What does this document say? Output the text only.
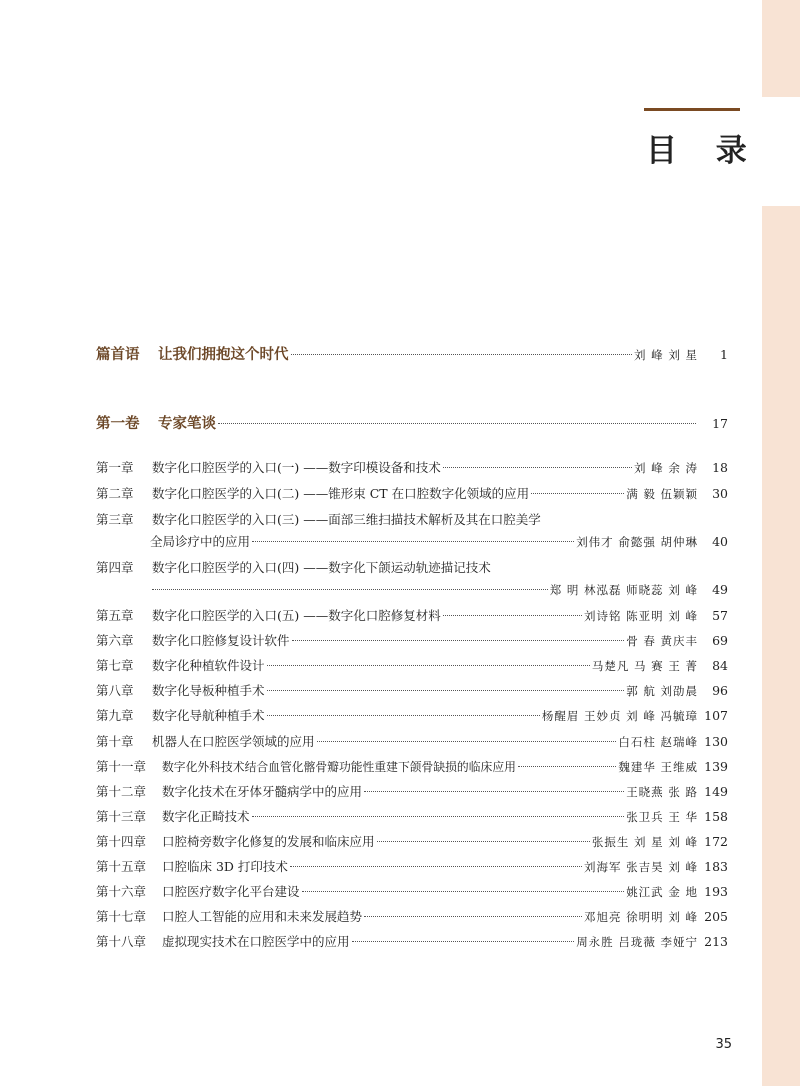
目 录
篇首语	让我们拥抱这个时代	刘 峰 刘 星	1
第一卷	专家笔谈	17
第一章	数字化口腔医学的入口(一) ——数字印模设备和技术	刘 峰 余 涛	18
第二章	数字化口腔医学的入口(二) ——锥形束 CT 在口腔数字化领域的应用	满 毅 伍颖颖	30
第三章	数字化口腔医学的入口(三) ——面部三维扫描技术解析及其在口腔美学
全局诊疗中的应用	刘伟才 俞懿强 胡仲琳	40
第四章	数字化口腔医学的入口(四) ——数字化下颌运动轨迹描记技术
郑 明 林泓磊 师晓蕊 刘 峰	49
第五章	数字化口腔医学的入口(五) ——数字化口腔修复材料	刘诗铭 陈亚明 刘 峰	57
第六章	数字化口腔修复设计软件	骨 春 黄庆丰	69
第七章	数字化种植软件设计	马楚凡 马 赛 王 菁	84
第八章	数字化导板种植手术	郭 航 刘劭晨	96
第九章	数字化导航种植手术	杨醒眉 王妙贞 刘 峰 冯毓璋 107
第十章	机器人在口腔医学领域的应用	白石柱 赵瑞峰 130
第十一章	数字化外科技术结合血管化髂骨瓣功能性重建下颌骨缺损的临床应用	魏建华 王维威 139
第十二章	数字化技术在牙体牙髓病学中的应用	王晓燕 张 路 149
第十三章	数字化正畸技术	张卫兵 王 华 158
第十四章	口腔椅旁数字化修复的发展和临床应用	张振生 刘 星 刘 峰 172
第十五章	口腔临床 3D 打印技术	刘海军 张吉昊 刘 峰 183
第十六章	口腔医疗数字化平台建设	姚江武 金 地 193
第十七章	口腔人工智能的应用和未来发展趋势	邓旭亮 徐明明 刘 峰 205
第十八章	虚拟现实技术在口腔医学中的应用	周永胜 吕珑薇 李娅宁 213
35
